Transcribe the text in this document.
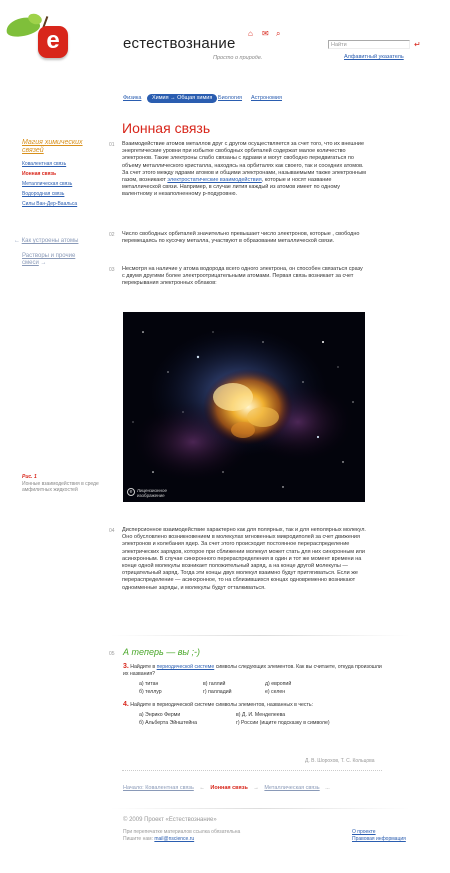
е	естествознание
Просто о природе.
⌂ ✉ ⌕
Найти	↵
Алфавитный указатель
Физика	Химия → Общая химия	Биология Астрономия
Магия химических связей
Ковалентная связь
Ионная связь
Металлическая связь
Водородная связь
Силы Ван-Дер-Ваальса
← Как устроены атомы
Растворы и прочие смеси →
Рис. 1
Ионные взаимодействия в среде амфилитных жидкостей
Ионная связь
01 Взаимодействие атомов металлов друг с другом осуществляется за счет того, что их внешние энергетические уровни при избытке свободных орбиталей содержат малое количество электронов. Такие электроны слабо связаны с ядрами и могут свободно передвигаться по объему металлического кристалла, находясь на орбиталях как своего, так и соседних атомов. За счет этого между ядрами атомов и общими электронами, называемыми также электронным газом, возникают электростатические взаимодействия, которые и носят название металлической связи. Например, в случае лития каждый из атомов имеет по одному валентному и незаполненному p-подуровню.
02 Число свободных орбиталей значительно превышает число электронов, которые , свободно перемещаясь по кусочку металла, участвуют в образовании металлической связи.
03 Несмотря на наличие у атома водорода всего одного электрона, он способен связаться сразу с двумя другими более электроотрицательными атомами. Первая связь возникает за счет перекрывания электронных облаков:
e	Лицензионное изображение
04 Дисперсионное взаимодействие характерно как для полярных, так и для неполярных молекул. Оно обусловлено возникновением в молекулах мгновенных микродиполей за счет движения электронов и колебания ядер. За счет этого происходит постоянное перераспределение электрических зарядов, которое при сближении молекул может стать для них синхронным или асинхронным. В случае синхронного перераспределения в один и тот же момент времени на конце одной молекулы возникает положительный заряд, а на конце другой молекулы — отрицательный заряд. Тогда эти концы двух молекул взаимно будут притягиваться. Если же перераспределение — асинхронное, то на сблизившихся концах одновременно возникают одноименные заряды, и молекулы будут отталкиваться.
05 А теперь — вы ;-)
3. Найдите в периодической системе символы следующих элементов. Как вы считаете, откуда произошли их названия?
а) титан	в) галлий	д) европий
б) теллур	г) палладий	е) селен
4. Найдите в периодической системе символы элементов, названных в честь:
а) Энрико Ферми	в) Д. И. Менделеева
б) Альберта Эйнштейна	г) России (ищите подсказку в символе)
Д. В. Шорохов, Т. С. Кольцова
Начало: Ковалентная связь ← Ионная связь → Металлическая связь ...
© 2009 Проект «Естествознание»
При перепечатке материалов ссылка обязательна
Пишите нам: mail@nscience.ru
О проекте
Правовая информация
